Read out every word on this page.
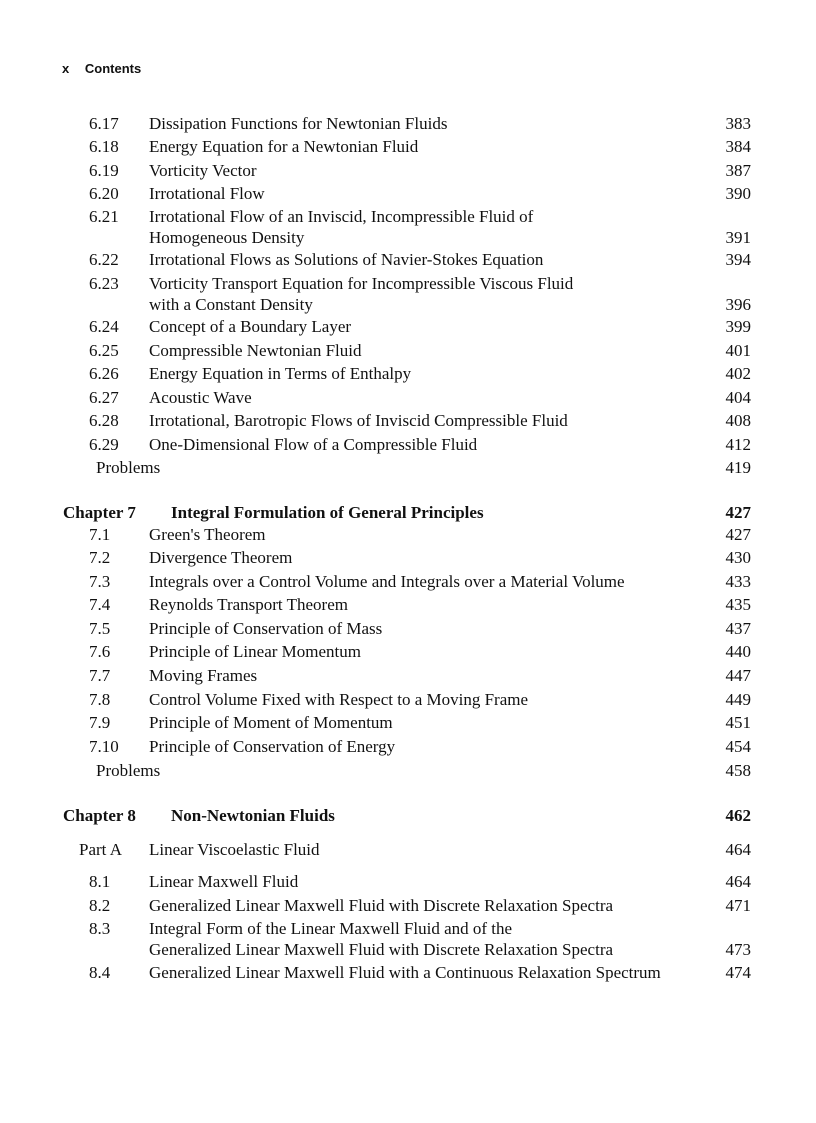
x Contents
6.17 Dissipation Functions for Newtonian Fluids	383
6.18 Energy Equation for a Newtonian Fluid	384
6.19 Vorticity Vector	387
6.20 Irrotational Flow	390
6.21 Irrotational Flow of an Inviscid, Incompressible Fluid of
Homogeneous Density	391
6.22 Irrotational Flows as Solutions of Navier-Stokes Equation	394
6.23 Vorticity Transport Equation for Incompressible Viscous Fluid
with a Constant Density	396
6.24 Concept of a Boundary Layer	399
6.25 Compressible Newtonian Fluid	401
6.26 Energy Equation in Terms of Enthalpy	402
6.27 Acoustic Wave	404
6.28 Irrotational, Barotropic Flows of Inviscid Compressible Fluid	408
6.29 One-Dimensional Flow of a Compressible Fluid	412
Problems	419
Chapter 7 Integral Formulation of General Principles	427
7.1 Green's Theorem	427
7.2 Divergence Theorem	430
7.3 Integrals over a Control Volume and Integrals over a Material Volume	433
7.4 Reynolds Transport Theorem	435
7.5 Principle of Conservation of Mass	437
7.6 Principle of Linear Momentum	440
7.7 Moving Frames	447
7.8 Control Volume Fixed with Respect to a Moving Frame	449
7.9 Principle of Moment of Momentum	451
7.10 Principle of Conservation of Energy	454
Problems	458
Chapter 8 Non-Newtonian Fluids	462
Part A Linear Viscoelastic Fluid	464
8.1 Linear Maxwell Fluid	464
8.2 Generalized Linear Maxwell Fluid with Discrete Relaxation Spectra	471
8.3 Integral Form of the Linear Maxwell Fluid and of the
Generalized Linear Maxwell Fluid with Discrete Relaxation Spectra	473
8.4 Generalized Linear Maxwell Fluid with a Continuous Relaxation Spectrum	474
